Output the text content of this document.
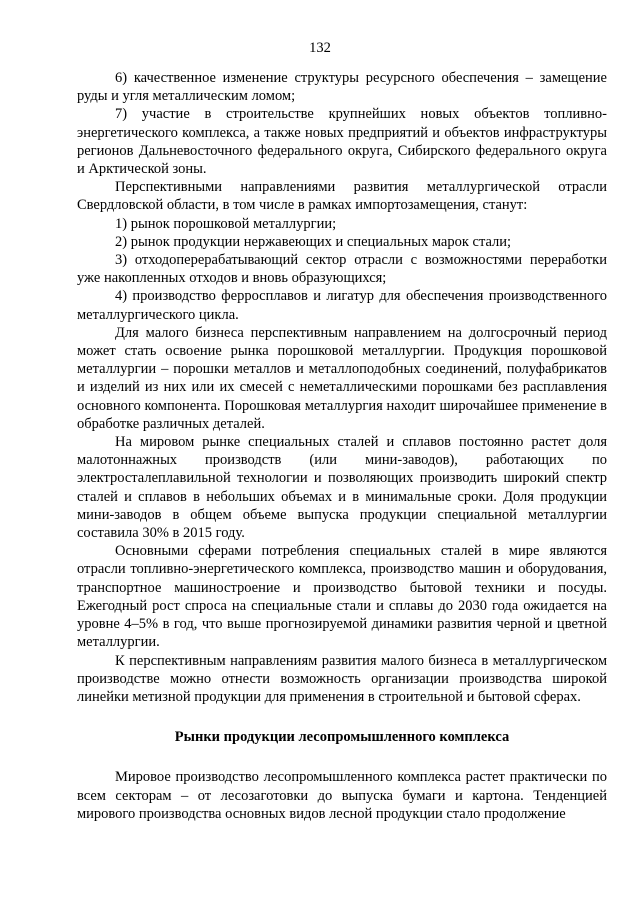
132

6) качественное изменение структуры ресурсного обеспечения – замещение руды и угля металлическим ломом;

7) участие в строительстве крупнейших новых объектов топливно-энергетического комплекса, а также новых предприятий и объектов инфраструктуры регионов Дальневосточного федерального округа, Сибирского федерального округа и Арктической зоны.

Перспективными направлениями развития металлургической отрасли Свердловской области, в том числе в рамках импортозамещения, станут:

1) рынок порошковой металлургии;

2) рынок продукции нержавеющих и специальных марок стали;

3) отходоперерабатывающий сектор отрасли с возможностями переработки уже накопленных отходов и вновь образующихся;

4) производство ферросплавов и лигатур для обеспечения производственного металлургического цикла.

Для малого бизнеса перспективным направлением на долгосрочный период может стать освоение рынка порошковой металлургии. Продукция порошковой металлургии – порошки металлов и металлоподобных соединений, полуфабрикатов и изделий из них или их смесей с неметаллическими порошками без расплавления основного компонента. Порошковая металлургия находит широчайшее применение в обработке различных деталей.

На мировом рынке специальных сталей и сплавов постоянно растет доля малотоннажных производств (или мини-заводов), работающих по электросталеплавильной технологии и позволяющих производить широкий спектр сталей и сплавов в небольших объемах и в минимальные сроки. Доля продукции мини-заводов в общем объеме выпуска продукции специальной металлургии составила 30% в 2015 году.

Основными сферами потребления специальных сталей в мире являются отрасли топливно-энергетического комплекса, производство машин и оборудования, транспортное машиностроение и производство бытовой техники и посуды. Ежегодный рост спроса на специальные стали и сплавы до 2030 года ожидается на уровне 4–5% в год, что выше прогнозируемой динамики развития черной и цветной металлургии.

К перспективным направлениям развития малого бизнеса в металлургическом производстве можно отнести возможность организации производства широкой линейки метизной продукции для применения в строительной и бытовой сферах.

Рынки продукции лесопромышленного комплекса

Мировое производство лесопромышленного комплекса растет практически по всем секторам – от лесозаготовки до выпуска бумаги и картона. Тенденцией мирового производства основных видов лесной продукции стало продолжение
